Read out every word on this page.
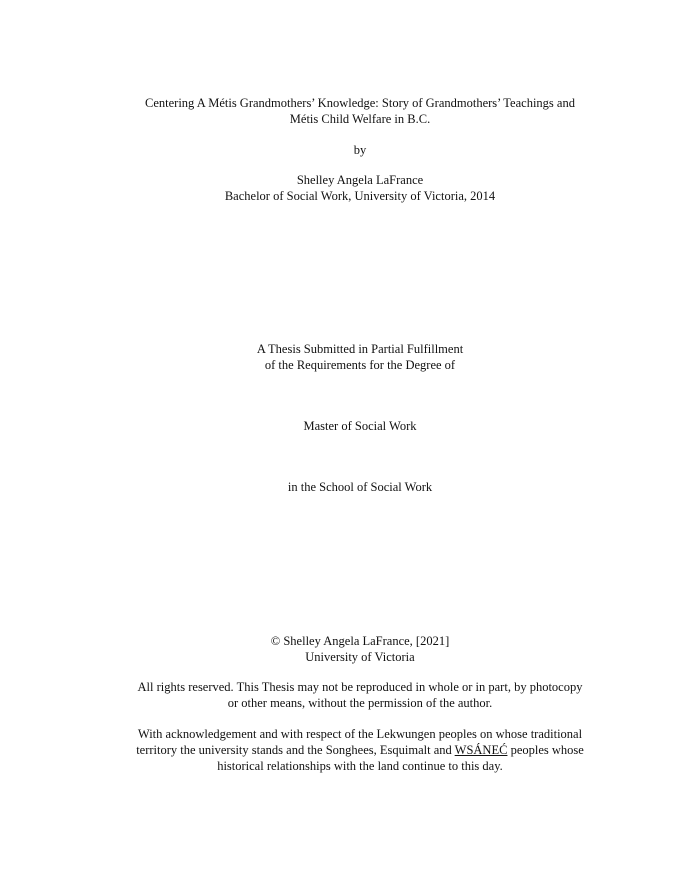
Centering A Métis Grandmothers’ Knowledge: Story of Grandmothers’ Teachings and
Métis Child Welfare in B.C.

by

Shelley Angela LaFrance
Bachelor of Social Work, University of Victoria, 2014

A Thesis Submitted in Partial Fulfillment
of the Requirements for the Degree of

Master of Social Work

in the School of Social Work

© Shelley Angela LaFrance, [2021]
University of Victoria

All rights reserved. This Thesis may not be reproduced in whole or in part, by photocopy
or other means, without the permission of the author.

With acknowledgement and with respect of the Lekwungen peoples on whose traditional
territory the university stands and the Songhees, Esquimalt and WSÁNEĆ peoples whose
historical relationships with the land continue to this day.
